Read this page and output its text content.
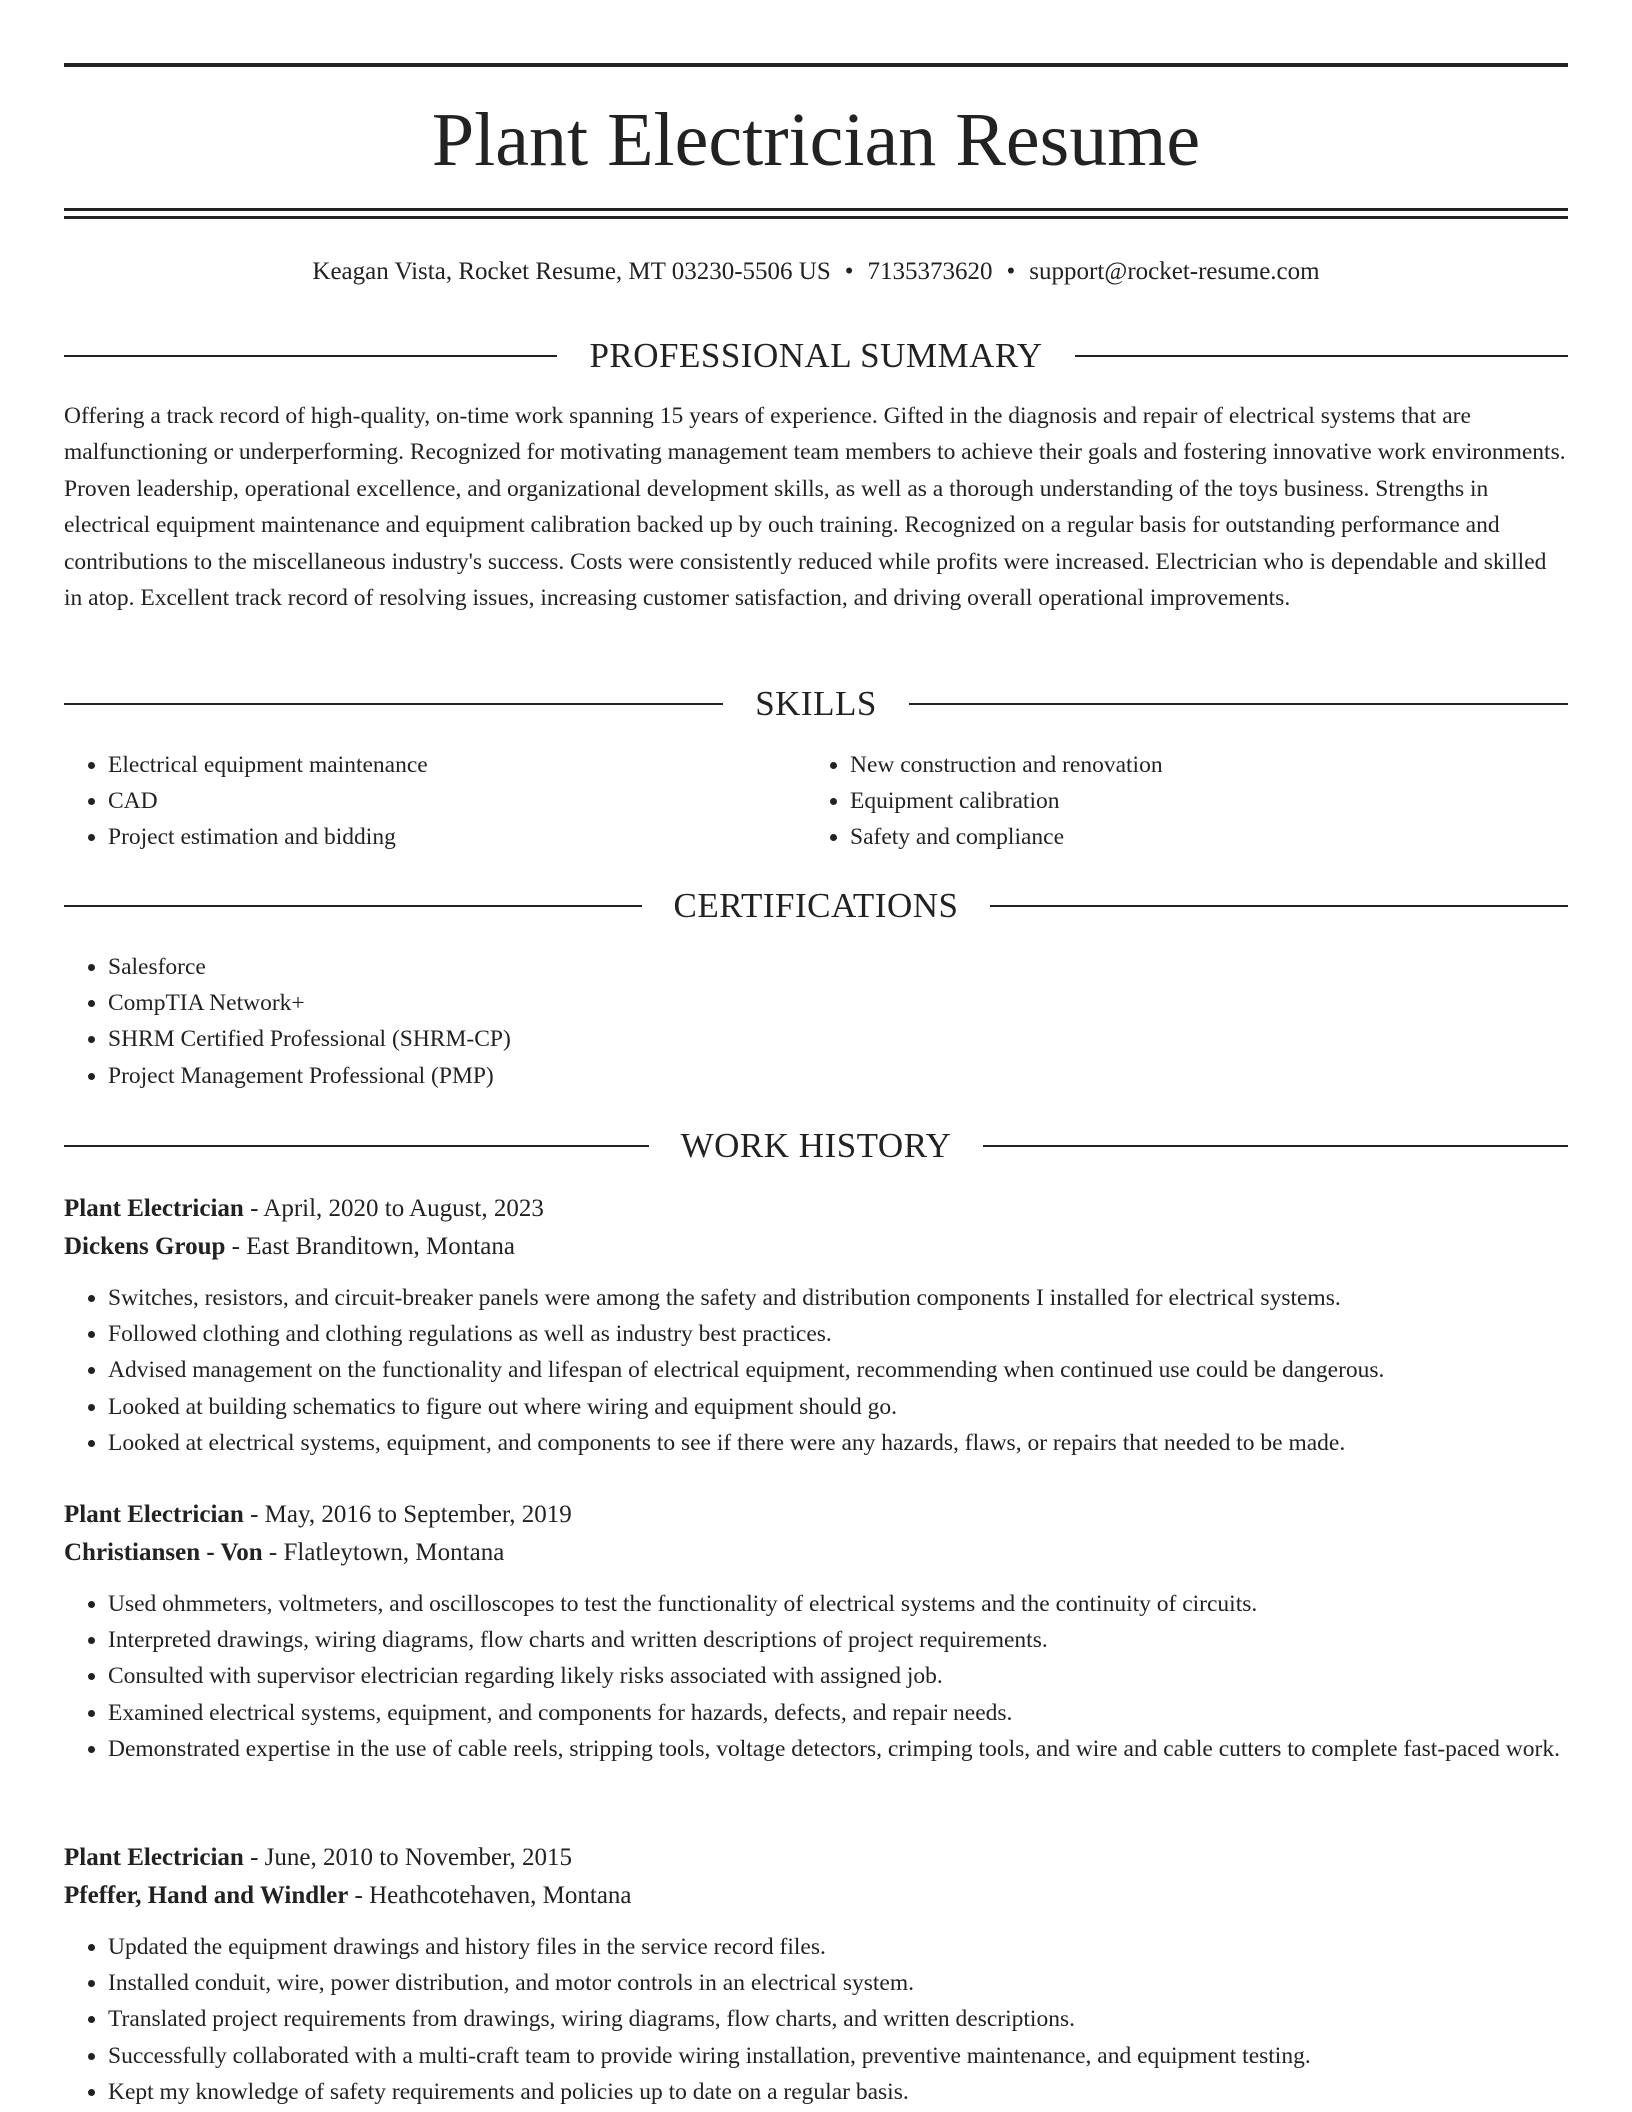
Plant Electrician Resume
Keagan Vista, Rocket Resume, MT 03230-5506 US • 7135373620 • support@rocket-resume.com
PROFESSIONAL SUMMARY

Offering a track record of high-quality, on-time work spanning 15 years of experience. Gifted in the diagnosis and repair of electrical systems that are malfunctioning or underperforming. Recognized for motivating management team members to achieve their goals and fostering innovative work environments. Proven leadership, operational excellence, and organizational development skills, as well as a thorough understanding of the toys business. Strengths in electrical equipment maintenance and equipment calibration backed up by ouch training. Recognized on a regular basis for outstanding performance and contributions to the miscellaneous industry's success. Costs were consistently reduced while profits were increased. Electrician who is dependable and skilled in atop. Excellent track record of resolving issues, increasing customer satisfaction, and driving overall operational improvements.

SKILLS
• Electrical equipment maintenance
• CAD
• Project estimation and bidding
• New construction and renovation
• Equipment calibration
• Safety and compliance
CERTIFICATIONS
• Salesforce
• CompTIA Network+
• SHRM Certified Professional (SHRM-CP)
• Project Management Professional (PMP)
WORK HISTORY
Plant Electrician - April, 2020 to August, 2023
Dickens Group - East Branditown, Montana
• Switches, resistors, and circuit-breaker panels were among the safety and distribution components I installed for electrical systems.
• Followed clothing and clothing regulations as well as industry best practices.
• Advised management on the functionality and lifespan of electrical equipment, recommending when continued use could be dangerous.
• Looked at building schematics to figure out where wiring and equipment should go.
• Looked at electrical systems, equipment, and components to see if there were any hazards, flaws, or repairs that needed to be made.
Plant Electrician - May, 2016 to September, 2019
Christiansen - Von - Flatleytown, Montana
• Used ohmmeters, voltmeters, and oscilloscopes to test the functionality of electrical systems and the continuity of circuits.
• Interpreted drawings, wiring diagrams, flow charts and written descriptions of project requirements.
• Consulted with supervisor electrician regarding likely risks associated with assigned job.
• Examined electrical systems, equipment, and components for hazards, defects, and repair needs.
• Demonstrated expertise in the use of cable reels, stripping tools, voltage detectors, crimping tools, and wire and cable cutters to complete fast-paced work.
Plant Electrician - June, 2010 to November, 2015
Pfeffer, Hand and Windler - Heathcotehaven, Montana
• Updated the equipment drawings and history files in the service record files.
• Installed conduit, wire, power distribution, and motor controls in an electrical system.
• Translated project requirements from drawings, wiring diagrams, flow charts, and written descriptions.
• Successfully collaborated with a multi-craft team to provide wiring installation, preventive maintenance, and equipment testing.
• Kept my knowledge of safety requirements and policies up to date on a regular basis.
